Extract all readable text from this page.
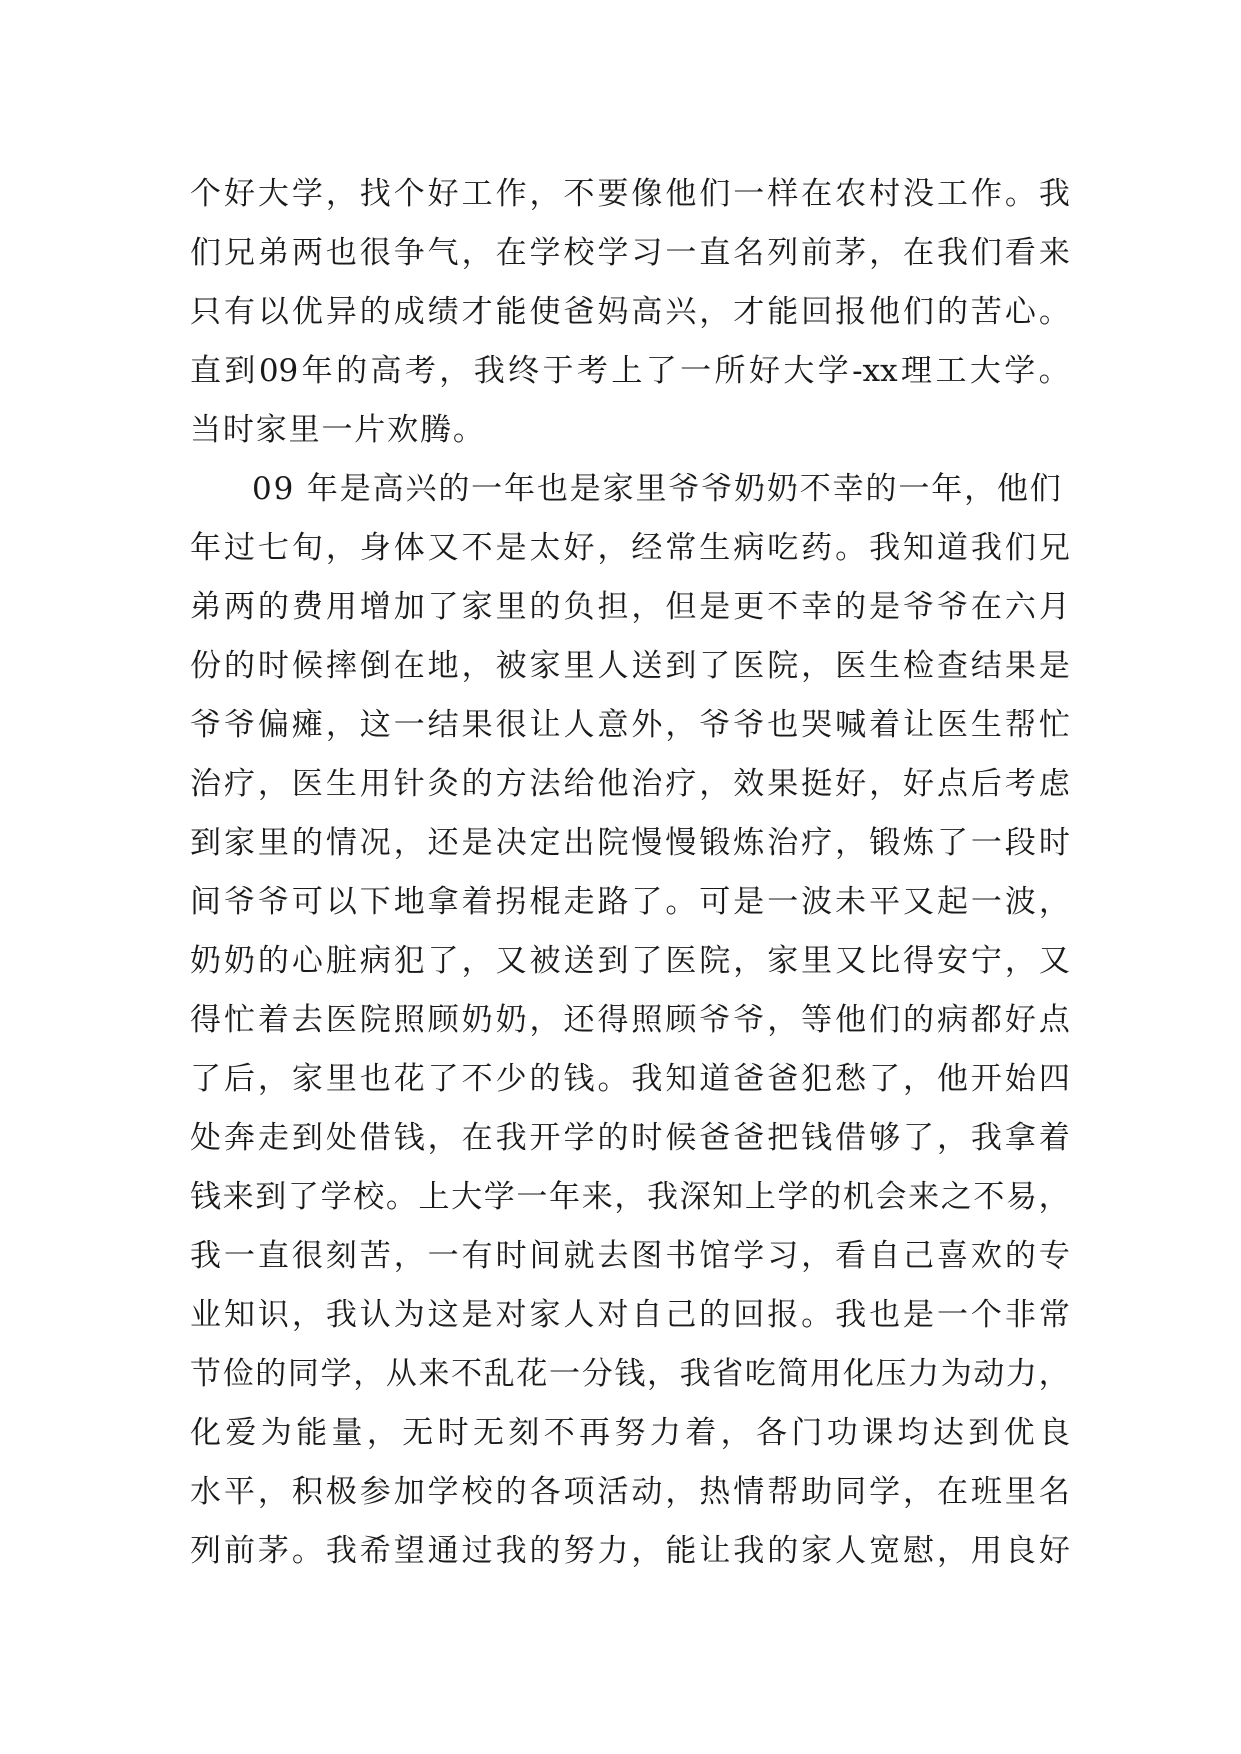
个 好 大 学 ， 找 个 好 工 作 ， 不 要 像 他 们 一 样 在 农 村 没 工 作 。 我
们 兄 弟 两 也 很 争 气 ， 在 学 校 学 习 一 直 名 列 前 茅 ， 在 我 们 看 来
只 有 以 优 异 的 成 绩 才 能 使 爸 妈 高 兴 ， 才 能 回 报 他 们 的 苦 心 。
直 到 09 年 的 高 考 ， 我 终 于 考 上 了 一 所 好 大 学 -xx 理 工 大 学 。
当时家里一片欢腾。
09 年是高兴的一年也是家里爷爷奶奶不幸的一年，他们
年 过 七 旬 ， 身 体 又 不 是 太 好 ， 经 常 生 病 吃 药 。 我 知 道 我 们 兄
弟 两 的 费 用 增 加 了 家 里 的 负 担 ， 但 是 更 不 幸 的 是 爷 爷 在 六 月
份 的 时 候 摔 倒 在 地 ， 被 家 里 人 送 到 了 医 院 ， 医 生 检 查 结 果 是
爷 爷 偏 瘫 ， 这 一 结 果 很 让 人 意 外 ， 爷 爷 也 哭 喊 着 让 医 生 帮 忙
治 疗 ， 医 生 用 针 灸 的 方 法 给 他 治 疗 ， 效 果 挺 好 ， 好 点 后 考 虑
到 家 里 的 情 况 ， 还 是 决 定 出 院 慢 慢 锻 炼 治 疗 ， 锻 炼 了 一 段 时
间 爷 爷 可 以 下 地 拿 着 拐 棍 走 路 了 。 可 是 一 波 未 平 又 起 一 波 ，
奶 奶 的 心 脏 病 犯 了 ， 又 被 送 到 了 医 院 ， 家 里 又 比 得 安 宁 ， 又
得 忙 着 去 医 院 照 顾 奶 奶 ， 还 得 照 顾 爷 爷 ， 等 他 们 的 病 都 好 点
了 后 ， 家 里 也 花 了 不 少 的 钱 。 我 知 道 爸 爸 犯 愁 了 ， 他 开 始 四
处 奔 走 到 处 借 钱 ， 在 我 开 学 的 时 候 爸 爸 把 钱 借 够 了 ， 我 拿 着
钱 来 到 了 学 校 。 上 大 学 一 年 来 ， 我 深 知 上 学 的 机 会 来 之 不 易 ，
我 一 直 很 刻 苦 ， 一 有 时 间 就 去 图 书 馆 学 习 ， 看 自 己 喜 欢 的 专
业 知 识 ， 我 认 为 这 是 对 家 人 对 自 己 的 回 报 。 我 也 是 一 个 非 常
节 俭 的 同 学 ， 从 来 不 乱 花 一 分 钱 ， 我 省 吃 简 用 化 压 力 为 动 力 ，
化 爱 为 能 量 ， 无 时 无 刻 不 再 努 力 着 ， 各 门 功 课 均 达 到 优 良
水 平 ， 积 极 参 加 学 校 的 各 项 活 动 ， 热 情 帮 助 同 学 ， 在 班 里 名
列 前 茅 。 我 希 望 通 过 我 的 努 力 ， 能 让 我 的 家 人 宽 慰 ， 用 良 好
